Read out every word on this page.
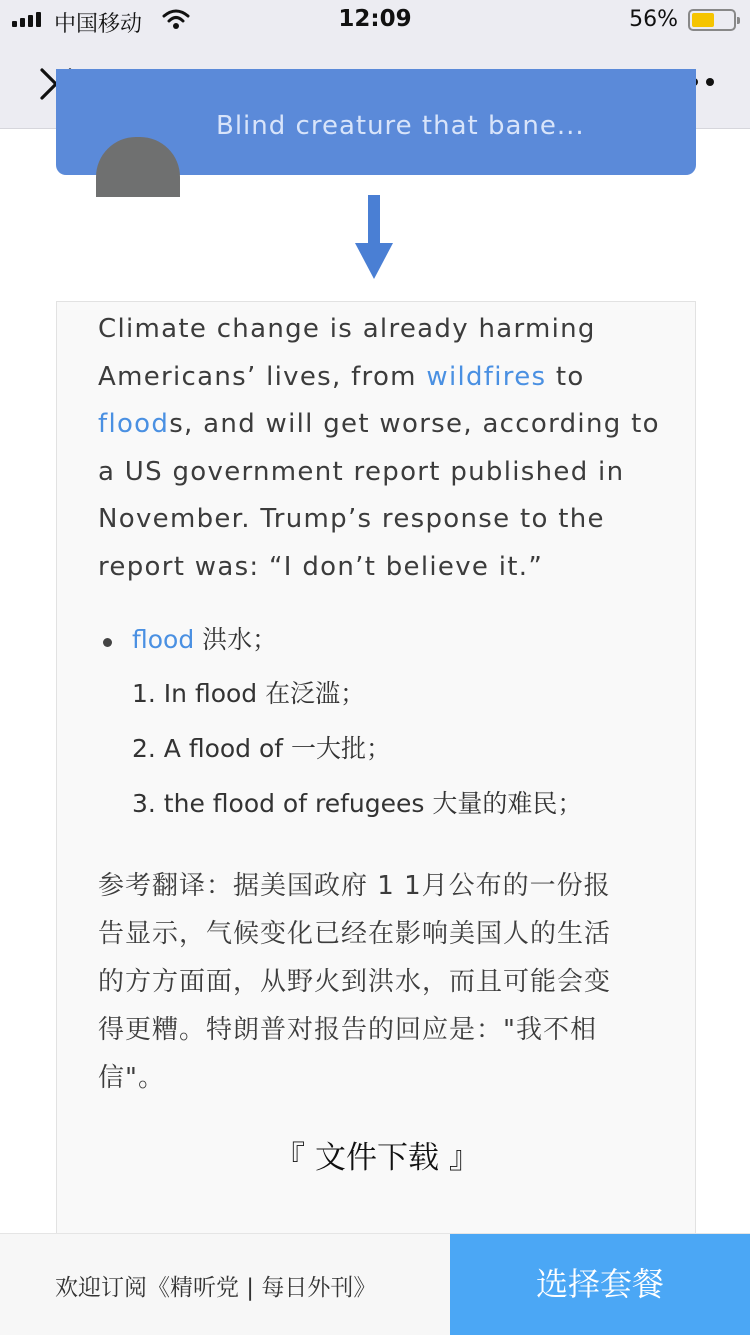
中国移动	12:09	56%
Blind creature that bane...

Climate change is already harming
Americans’ lives, from wildfires to
floods, and will get worse, according to
a US government report published in
November. Trump’s response to the
report was: “I don’t believe it.”

flood 洪水；
1. In flood 在泛滥；
2. A flood of 一大批；
3. the flood of refugees 大量的难民；

参考翻译：据美国政府 1 1月公布的一份报
告显示，气候变化已经在影响美国人的生活
的方方面面，从野火到洪水，而且可能会变
得更糟。特朗普对报告的回应是："我不相
信"。

『 文件下载 』
欢迎订阅《精听党 | 每日外刊》	选择套餐
